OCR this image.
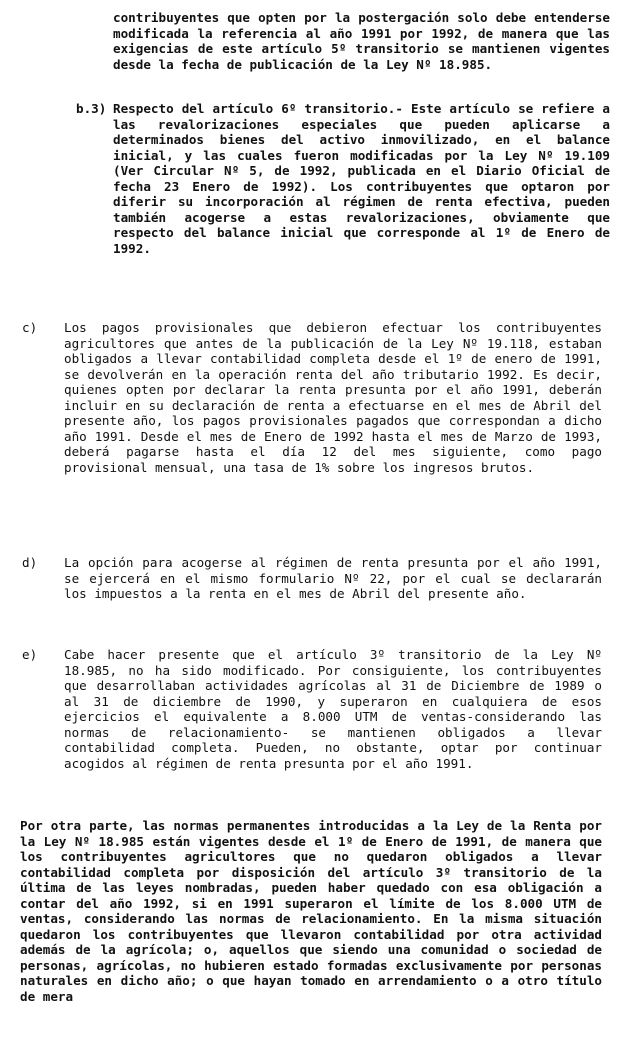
contribuyentes que opten por la postergación solo debe entenderse modificada la referencia al año 1991 por 1992, de manera que las exigencias de este artículo 5º transitorio se mantienen vigentes desde la fecha de publicación de la Ley Nº 18.985.

b.3) Respecto del artículo 6º transitorio.- Este artículo se refiere a las revalorizaciones especiales que pueden aplicarse a determinados bienes del activo inmovilizado, en el balance inicial, y las cuales fueron modificadas por la Ley Nº 19.109 (Ver Circular Nº 5, de 1992, publicada en el Diario Oficial de fecha 23 Enero de 1992). Los contribuyentes que optaron por diferir su incorporación al régimen de renta efectiva, pueden también acogerse a estas revalorizaciones, obviamente que respecto del balance inicial que corresponde al 1º de Enero de 1992.

c) Los pagos provisionales que debieron efectuar los contribuyentes agricultores que antes de la publicación de la Ley Nº 19.118, estaban obligados a llevar contabilidad completa desde el 1º de enero de 1991, se devolverán en la operación renta del año tributario 1992. Es decir, quienes opten por declarar la renta presunta por el año 1991, deberán incluir en su declaración de renta a efectuarse en el mes de Abril del presente año, los pagos provisionales pagados que correspondan a dicho año 1991. Desde el mes de Enero de 1992 hasta el mes de Marzo de 1993, deberá pagarse hasta el día 12 del mes siguiente, como pago provisional mensual, una tasa de 1% sobre los ingresos brutos.

d) La opción para acogerse al régimen de renta presunta por el año 1991, se ejercerá en el mismo formulario Nº 22, por el cual se declararán los impuestos a la renta en el mes de Abril del presente año.

e) Cabe hacer presente que el artículo 3º transitorio de la Ley Nº 18.985, no ha sido modificado. Por consiguiente, los contribuyentes que desarrollaban actividades agrícolas al 31 de Diciembre de 1989 o al 31 de diciembre de 1990, y superaron en cualquiera de esos ejercicios el equivalente a 8.000 UTM de ventas-considerando las normas de relacionamiento- se mantienen obligados a llevar contabilidad completa. Pueden, no obstante, optar por continuar acogidos al régimen de renta presunta por el año 1991.

Por otra parte, las normas permanentes introducidas a la Ley de la Renta por la Ley Nº 18.985 están vigentes desde el 1º de Enero de 1991, de manera que los contribuyentes agricultores que no quedaron obligados a llevar contabilidad completa por disposición del artículo 3º transitorio de la última de las leyes nombradas, pueden haber quedado con esa obligación a contar del año 1992, si en 1991 superaron el límite de los 8.000 UTM de ventas, considerando las normas de relacionamiento. En la misma situación quedaron los contribuyentes que llevaron contabilidad por otra actividad además de la agrícola; o, aquellos que siendo una comunidad o sociedad de personas, agrícolas, no hubieren estado formadas exclusivamente por personas naturales en dicho año; o que hayan tomado en arrendamiento o a otro título de mera
